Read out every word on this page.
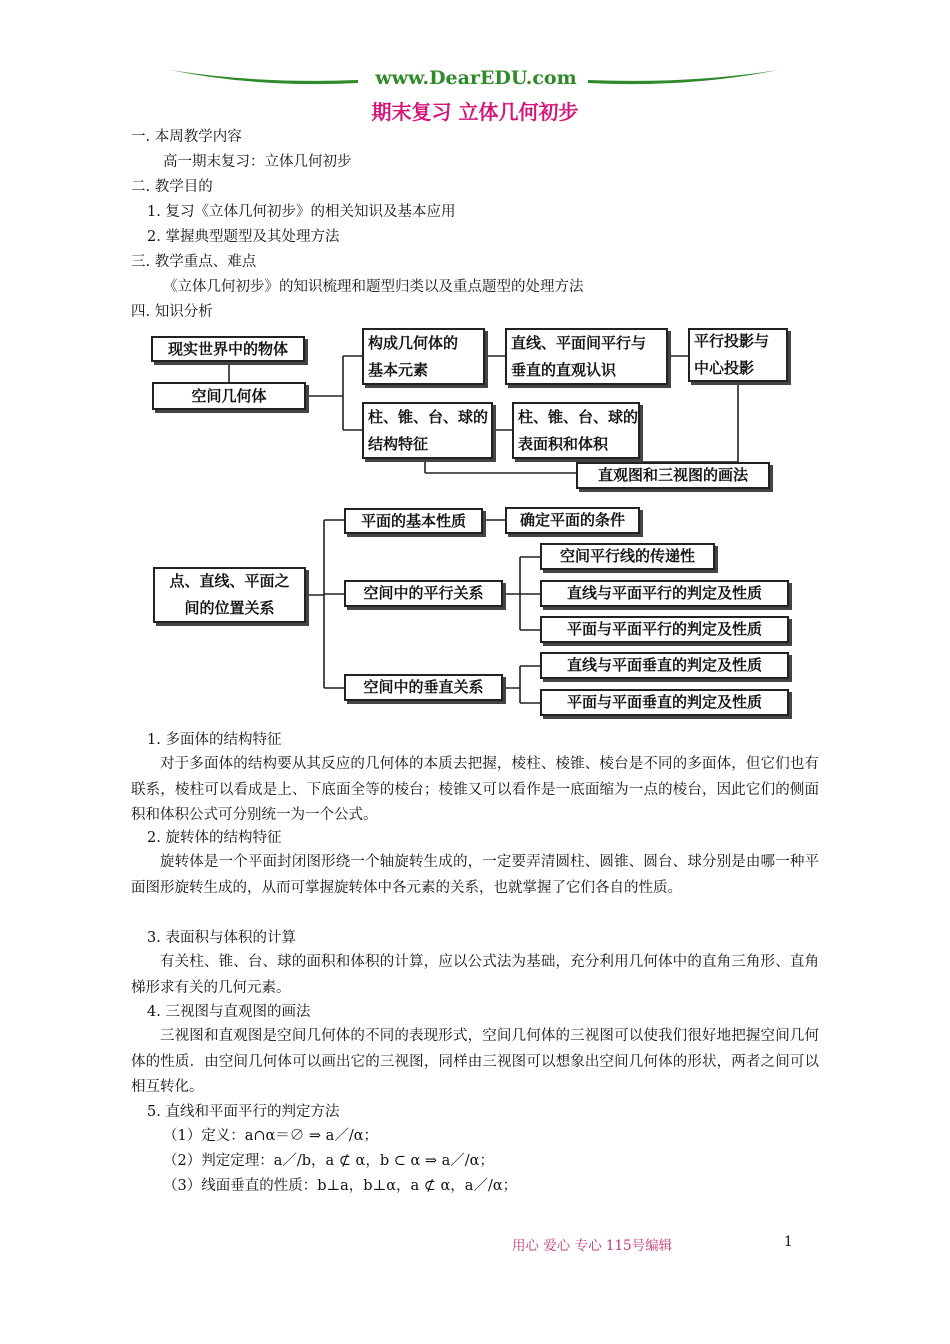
www.DearEDU.com
期末复习 立体几何初步
一. 本周教学内容
高一期末复习：立体几何初步
二. 教学目的
1. 复习《立体几何初步》的相关知识及基本应用
2. 掌握典型题型及其处理方法
三. 教学重点、难点
《立体几何初步》的知识梳理和题型归类以及重点题型的处理方法
四. 知识分析
现实世界中的物体
空间几何体
构成几何体的
基本元素
直线、平面间平行与
垂直的直观认识
平行投影与
中心投影
柱、锥、台、球的
结构特征
柱、锥、台、球的
表面积和体积
直观图和三视图的画法
点、直线、平面之
间的位置关系
平面的基本性质	确定平面的条件
空间中的平行关系
空间中的垂直关系
空间平行线的传递性
直线与平面平行的判定及性质
平面与平面平行的判定及性质
直线与平面垂直的判定及性质
平面与平面垂直的判定及性质
1. 多面体的结构特征

对于多面体的结构要从其反应的几何体的本质去把握，棱柱、棱锥、棱台是不同的多面体，但它们也有联系，棱柱可以看成是上、下底面全等的棱台；棱锥又可以看作是一底面缩为一点的棱台，因此它们的侧面积和体积公式可分别统一为一个公式。

2. 旋转体的结构特征

旋转体是一个平面封闭图形绕一个轴旋转生成的，一定要弄清圆柱、圆锥、圆台、球分别是由哪一种平面图形旋转生成的，从而可掌握旋转体中各元素的关系，也就掌握了它们各自的性质。

3. 表面积与体积的计算

有关柱、锥、台、球的面积和体积的计算，应以公式法为基础，充分利用几何体中的直角三角形、直角梯形求有关的几何元素。

4. 三视图与直观图的画法

三视图和直观图是空间几何体的不同的表现形式，空间几何体的三视图可以使我们很好地把握空间几何体的性质．由空间几何体可以画出它的三视图，同样由三视图可以想象出空间几何体的形状，两者之间可以相互转化。

5. 直线和平面平行的判定方法
（1）定义：a∩α＝∅ ⇒ a／/α；
（2）判定定理：a／/b，a ⊄ α，b ⊂ α ⇒ a／/α；
（3）线面垂直的性质：b⊥a，b⊥α，a ⊄ α，a／/α；
用心 爱心 专心 115号编辑	1
